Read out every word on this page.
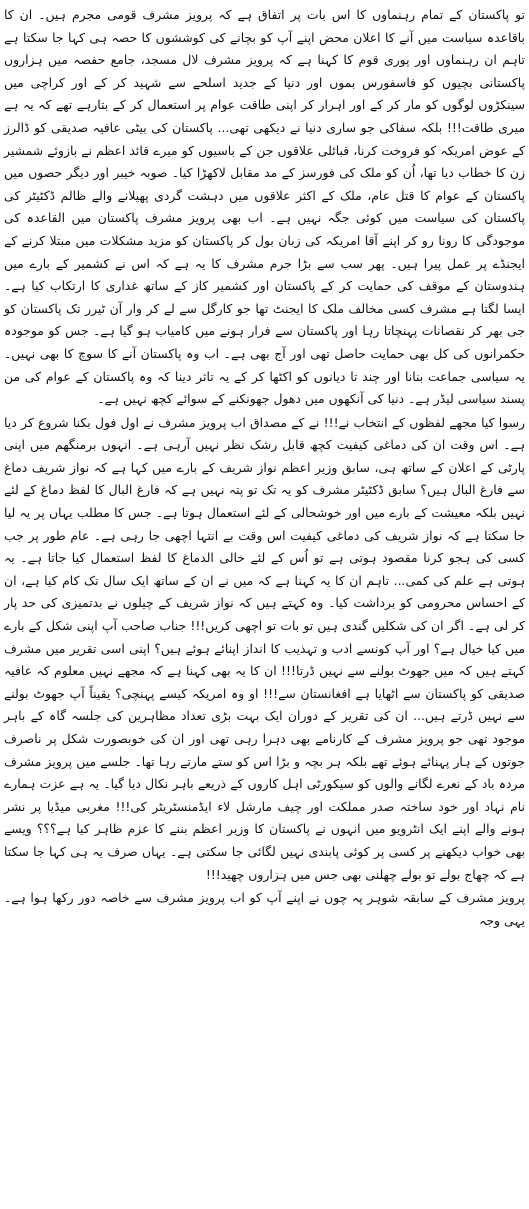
تو پاکستان کے تمام رہنماوں کا اس بات پر اتفاق ہے کہ پرویز مشرف قومی مجرم ہیں۔ ان کا باقاعدہ سیاست میں آنے کا اعلان محض اپنے آپ کو بچانے کی کوششوں کا حصہ ہی کہا جا سکتا ہے تاہم ان رہنماوں اور پوری قوم کا کہنا ہے کہ پرویز مشرف لال مسجد، جامع حفصہ میں ہزاروں پاکستانی بچیوں کو فاسفورس بموں اور دنیا کے جدید اسلحے سے شہید کر کے اور کراچی میں سینکڑوں لوگوں کو مار کر کے اور اہرار کر اپنی طاقت عوام پر استعمال کر کے بتارہے تھے کہ یہ ہے میری طاقت!!! بلکہ سفاکی جو ساری دنیا نے دیکھی تھی... پاکستان کی بیٹی عافیہ صدیقی کو ڈالرز کے عوض امریکہ کو فروخت کرنا، قبائلی علاقوں جن کے باسیوں کو میرے قائد اعظم نے بازوئے شمشیر زن کا خطاب دیا تھا، اُن کو ملک کی فورسز کے مد مقابل لاکھڑا کیا۔ صوبہ خیبر اور دیگر حصوں میں پاکستان کے عوام کا قتل عام، ملک کے اکثر علاقوں میں دہشت گردی پھیلانے والے ظالم ڈکٹیٹر کی پاکستان کی سیاست میں کوئی جگہ نہیں ہے۔ اب بھی پرویز مشرف پاکستان میں القاعدہ کی موجودگی کا رونا رو کر اپنے آقا امریکہ کی زبان بول کر پاکستان کو مزید مشکلات میں مبتلا کرنے کے ایجنڈے پر عمل پیرا ہیں۔ پھر سب سے بڑا جرم مشرف کا یہ ہے کہ اس نے کشمیر کے بارے میں ہندوستان کے موقف کی حمایت کر کے پاکستان اور کشمیر کاز کے ساتھ غداری کا ارتکاب کیا ہے۔ ایسا لگتا ہے مشرف کسی مخالف ملک کا ایجنٹ تھا جو کارگل سے لے کر وار آن ٹیرر تک پاکستان کو جی بھر کر نقصانات پہنچاتا رہا اور پاکستان سے فرار ہونے میں کامیاب ہو گیا ہے۔ جس کو موجودہ حکمرانوں کی کل بھی حمایت حاصل تھی اور آج بھی ہے۔ اب وہ پاکستان آنے کا سوچ کا بھی نہیں۔ یہ سیاسی جماعت بنانا اور چند تا دیانوں کو اکٹھا کر کے یہ تاثر دینا کہ وہ پاکستان کے عوام کی من پسند سیاسی لیڈر ہے۔ دنیا کی آنکھوں میں دھول جھونکنے کے سوائے کچھ نہیں ہے۔

رسوا کیا مجھے لفظوں کے انتخاب نے!!! نے کے مصداق اب پرویز مشرف نے اول فول بکنا شروع کر دیا ہے۔ اس وقت ان کی دماغی کیفیت کچھ قابل رشک نظر نہیں آرہی ہے۔ انہوں برمنگھم میں اپنی پارٹی کے اعلان کے ساتھ ہی، سابق وزیر اعظم نواز شریف کے بارے میں کہا ہے کہ نواز شریف دماغ سے فارغ البال ہیں؟ سابق ڈکٹیٹر مشرف کو یہ تک تو پتہ نہیں ہے کہ فارغ البال کا لفظ دماغ کے لئے نہیں بلکہ معیشت کے بارے میں اور خوشحالی کے لئے استعمال ہوتا ہے۔ جس کا مطلب یہاں پر یہ لیا جا سکتا ہے کہ نواز شریف کی دماغی کیفیت اس وقت بے انتہا اچھی جا رہی ہے۔ عام طور پر جب کسی کی ہجو کرنا مقصود ہوتی ہے تو اُس کے لئے خالی الدماغ کا لفظ استعمال کیا جاتا ہے۔ یہ ہوتی ہے علم کی کمی... تاہم ان کا یہ کہنا ہے کہ میں نے ان کے ساتھ ایک سال تک کام کیا ہے، ان کے احساس محرومی کو برداشت کیا۔ وہ کہتے ہیں کہ نواز شریف کے چیلوں نے بدتمیزی کی حد پار کر لی ہے۔ اگر ان کی شکلیں گندی ہیں تو بات تو اچھی کریں!!! جناب صاحب آپ اپنی شکل کے بارے میں کیا خیال ہے؟ اور آپ کونسے ادب و تہذیب کا انداز اپنائے ہوئے ہیں؟ اپنی اسی تقریر میں مشرف کہتے ہیں کہ میں جھوٹ بولنے سے نہیں ڈرتا!!! ان کا یہ بھی کہنا ہے کہ مجھے نہیں معلوم کہ عافیہ صدیقی کو پاکستان سے اٹھایا ہے افغانستان سے!!! او وہ امریکہ کیسے پہنچی؟ یقیناً آپ جھوٹ بولنے سے نہیں ڈرتے ہیں... ان کی تقریر کے دوران ایک بہت بڑی تعداد مظاہرین کی جلسہ گاہ کے باہر موجود تھی جو پرویز مشرف کے کارنامے بھی دہرا رہی تھی اور ان کی خوبصورت شکل پر ناصرف جوتوں کے ہار پہنائے ہوئے تھے بلکہ ہر بچہ و بڑا اس کو ستے مارتے رہا تھا۔ جلسے میں پرویز مشرف مردہ باد کے نعرے لگانے والوں کو سیکورٹی اہل کاروں کے ذریعے باہر نکال دیا گیا۔ یہ ہے عزت ہمارے نام نہاد اور خود ساختہ صدر مملکت اور چیف مارشل لاء ایڈمنسٹریٹر کی!!! مغربی میڈیا پر نشر ہونے والے اپنے ایک انٹرویو میں انہوں نے پاکستان کا وزیر اعظم بننے کا عزم ظاہر کیا ہے؟؟؟ ویسے بھی خواب دیکھنے پر کسی پر کوئی پابندی نہیں لگائی جا سکتی ہے۔ یہاں صرف یہ ہی کہا جا سکتا ہے کہ چھاج بولے تو بولے چھلنی بھی جس میں ہزاروں چھید!!!

پرویز مشرف کے سابقہ شوہر پہ چوں نے اپنے آپ کو اب پرویز مشرف سے خاصہ دور رکھا ہوا ہے۔ یہی وجہ
